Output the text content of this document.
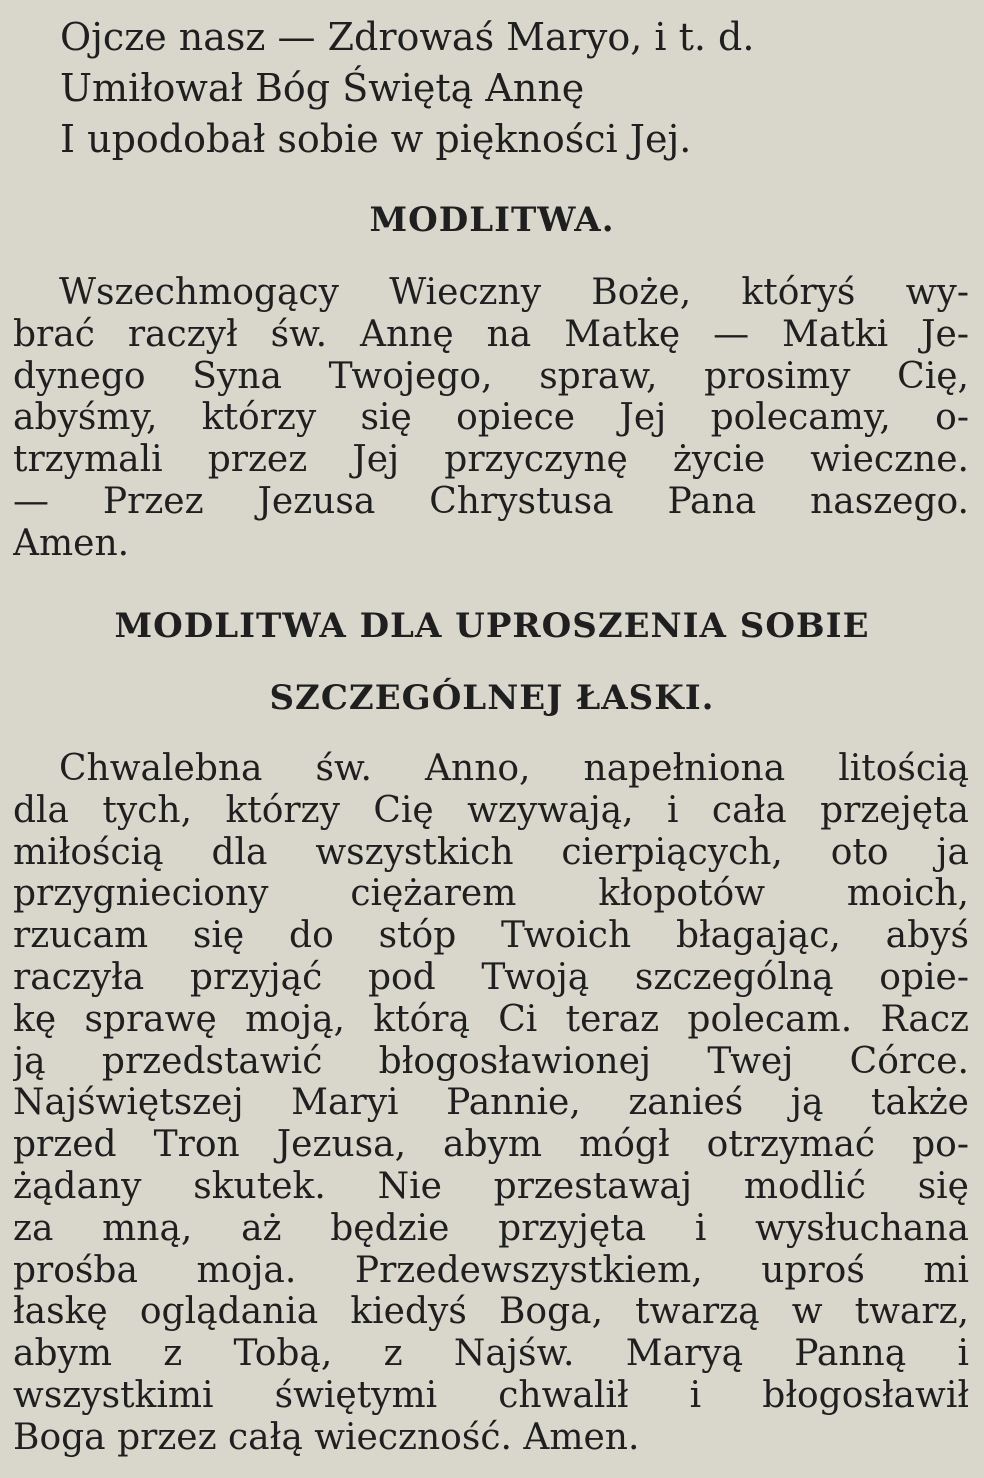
Ojcze nasz — Zdrowaś Maryo, i t. d.
Umiłował Bóg Świętą Annę
I upodobał sobie w piękności Jej.
MODLITWA.
Wszechmogący Wieczny Boże, któryś wy-
brać raczył św. Annę na Matkę — Matki Je-
dynego Syna Twojego, spraw, prosimy Cię,
abyśmy, którzy się opiece Jej polecamy, o-
trzymali przez Jej przyczynę życie wieczne.
— Przez Jezusa Chrystusa Pana naszego.
Amen.
MODLITWA DLA UPROSZENIA SOBIE
SZCZEGÓLNEJ ŁASKI.
Chwalebna św. Anno, napełniona litością
dla tych, którzy Cię wzywają, i cała przejęta
miłością dla wszystkich cierpiących, oto ja
przygnieciony ciężarem kłopotów moich,
rzucam się do stóp Twoich błagając, abyś
raczyła przyjąć pod Twoją szczególną opie-
kę sprawę moją, którą Ci teraz polecam. Racz
ją przedstawić błogosławionej Twej Córce.
Najświętszej Maryi Pannie, zanieś ją także
przed Tron Jezusa, abym mógł otrzymać po-
żądany skutek. Nie przestawaj modlić się
za mną, aż będzie przyjęta i wysłuchana
prośba moja. Przedewszystkiem, uproś mi
łaskę oglądania kiedyś Boga, twarzą w twarz,
abym z Tobą, z Najśw. Maryą Panną i
wszystkimi świętymi chwalił i błogosławił
Boga przez całą wieczność. Amen.
